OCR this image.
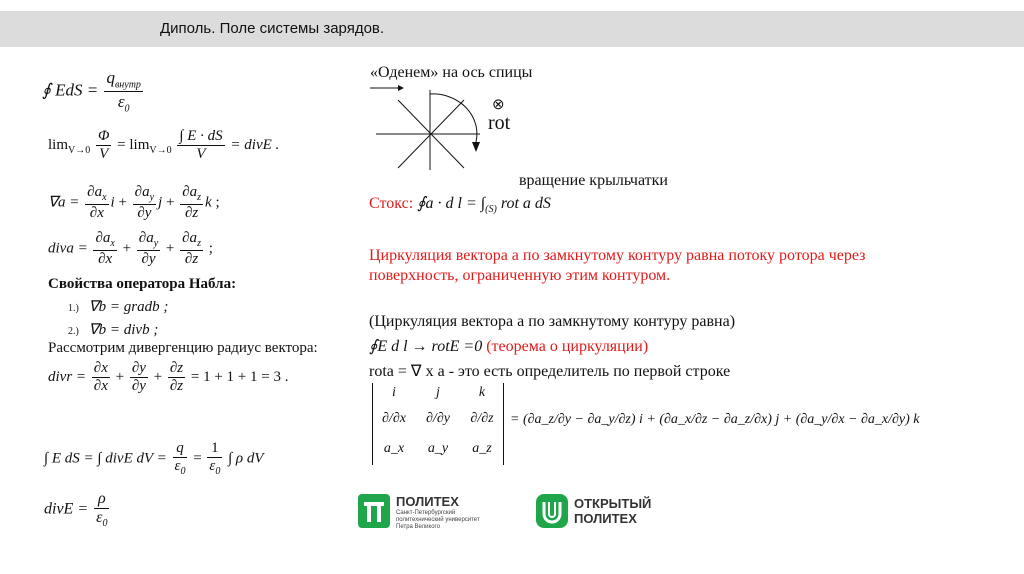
Диполь. Поле системы зарядов.
∮ EdS = $\frac{q_{внутр}}{\varepsilon_0}$
$\lim_{V\to 0} \frac{\Phi}{V} = \lim_{V\to 0} \frac{\int E \cdot dS}{V}$ = divE .
$\nabla a = \frac{\partial a_x}{\partial x}$ $i + \frac{\partial a_y}{\partial y}$ $j + \frac{\partial a_z}{\partial z}$ k ;
diva = $\frac{\partial a_x}{\partial x} + \frac{\partial a_y}{\partial y} + \frac{\partial a_z}{\partial z}$ ;
Свойства оператора Набла:
1.) ∇b = gradb ;
2.) ∇b = divb ;
Рассмотрим дивергенцию радиус вектора:
divr = $\frac{\partial x}{\partial x} + \frac{\partial y}{\partial y} + \frac{\partial z}{\partial z} = 1 + 1 + 1 = 3$ .
∫ E dS = ∫ divE dV = $\frac{q}{\varepsilon_0} = \frac{1}{\varepsilon_0}$ ∫ ρ dV
divE = $\frac{\rho}{\varepsilon_0}$
«Оденем» на ось спицы
⊗
rot
вращение крыльчатки
Стокс: ∮a · d $l = \int_{(S)}$ rot a dS
Циркуляция вектора a по замкнутому контуру равна потоку ротора через
поверхность, ограниченную этим контуром.
(Циркуляция вектора a по замкнутому контуру равна)
∮E d l → rotE =0 (теорема о циркуляции)
rota = ∇ x a - это есть определитель по первой строке
i	j	k
∂/∂x ∂/∂y ∂/∂z
a_x	a_y	a_z
= (∂a_z/∂y − ∂a_y/∂z) i + (∂a_x/∂z − ∂a_z/∂x) j + (∂a_y/∂x − ∂a_x/∂y) k
ПОЛИТЕХ
Санкт-Петербургский
политехнический университет
Петра Великого
ОТКРЫТЫЙ
ПОЛИТЕХ
